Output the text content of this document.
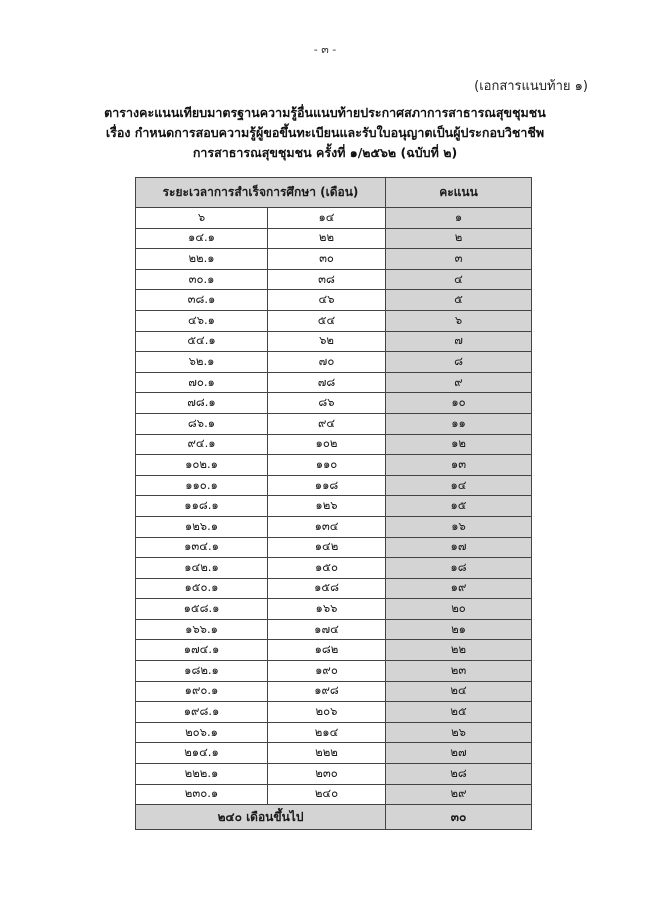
- ๓ -
(เอกสารแนบท้าย ๑)
ตารางคะแนนเทียบมาตรฐานความรู้อื่นแนบท้ายประกาศสภาการสาธารณสุขชุมชน
เรื่อง กำหนดการสอบความรู้ผู้ขอขึ้นทะเบียนและรับใบอนุญาตเป็นผู้ประกอบวิชาชีพ
การสาธารณสุขชุมชน ครั้งที่ ๑/๒๕๖๒ (ฉบับที่ ๒)
ระยะเวลาการสำเร็จการศึกษา (เดือน)		คะแนน
๖	๑๔	๑
๑๔.๑	๒๒	๒
๒๒.๑	๓๐	๓
๓๐.๑	๓๘	๔
๓๘.๑	๔๖	๕
๔๖.๑	๕๔	๖
๕๔.๑	๖๒	๗
๖๒.๑	๗๐	๘
๗๐.๑	๗๘	๙
๗๘.๑	๘๖	๑๐
๘๖.๑	๙๔	๑๑
๙๔.๑	๑๐๒	๑๒
๑๐๒.๑	๑๑๐	๑๓
๑๑๐.๑	๑๑๘	๑๔
๑๑๘.๑	๑๒๖	๑๕
๑๒๖.๑	๑๓๔	๑๖
๑๓๔.๑	๑๔๒	๑๗
๑๔๒.๑	๑๕๐	๑๘
๑๕๐.๑	๑๕๘	๑๙
๑๕๘.๑	๑๖๖	๒๐
๑๖๖.๑	๑๗๔	๒๑
๑๗๔.๑	๑๘๒	๒๒
๑๘๒.๑	๑๙๐	๒๓
๑๙๐.๑	๑๙๘	๒๔
๑๙๘.๑	๒๐๖	๒๕
๒๐๖.๑	๒๑๔	๒๖
๒๑๔.๑	๒๒๒	๒๗
๒๒๒.๑	๒๓๐	๒๘
๒๓๐.๑	๒๔๐	๒๙
๒๔๐ เดือนขึ้นไป		๓๐
